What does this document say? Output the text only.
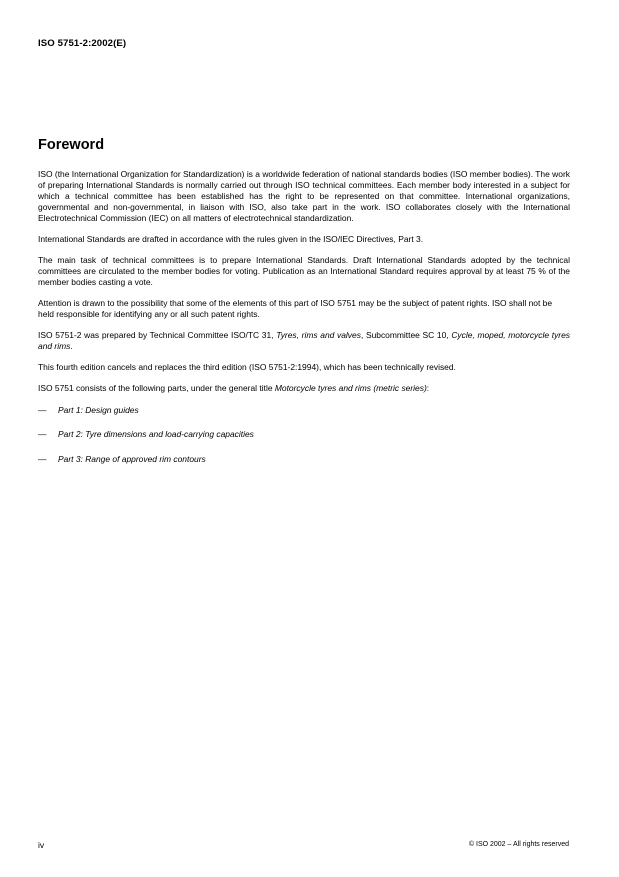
ISO 5751-2:2002(E)
Foreword

ISO (the International Organization for Standardization) is a worldwide federation of national standards bodies (ISO member bodies). The work of preparing International Standards is normally carried out through ISO technical committees. Each member body interested in a subject for which a technical committee has been established has the right to be represented on that committee. International organizations, governmental and non-governmental, in liaison with ISO, also take part in the work. ISO collaborates closely with the International Electrotechnical Commission (IEC) on all matters of electrotechnical standardization.

International Standards are drafted in accordance with the rules given in the ISO/IEC Directives, Part 3.

The main task of technical committees is to prepare International Standards. Draft International Standards adopted by the technical committees are circulated to the member bodies for voting. Publication as an International Standard requires approval by at least 75 % of the member bodies casting a vote.

Attention is drawn to the possibility that some of the elements of this part of ISO 5751 may be the subject of patent rights. ISO shall not be held responsible for identifying any or all such patent rights.

ISO 5751-2 was prepared by Technical Committee ISO/TC 31, Tyres, rims and valves, Subcommittee SC 10, Cycle, moped, motorcycle tyres and rims.

This fourth edition cancels and replaces the third edition (ISO 5751-2:1994), which has been technically revised.

ISO 5751 consists of the following parts, under the general title Motorcycle tyres and rims (metric series):

—	Part 1: Design guides
—	Part 2: Tyre dimensions and load-carrying capacities
—	Part 3: Range of approved rim contours
iv	© ISO 2002 – All rights reserved
